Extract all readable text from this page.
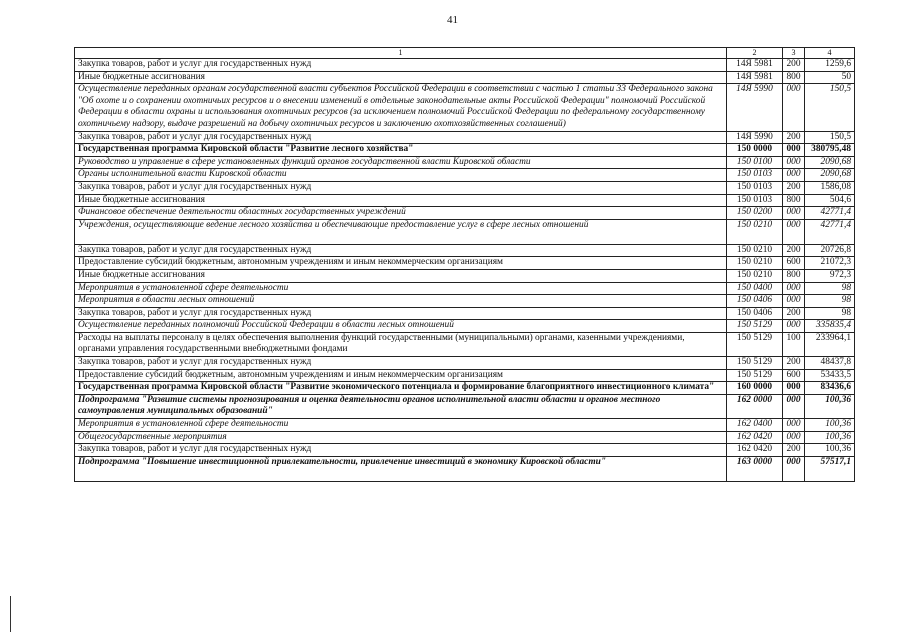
41
1	2	3	4
Закупка товаров, работ и услуг для государственных нужд	14Я 5981	200	1259,6
Иные бюджетные ассигнования	14Я 5981	800	50
Осуществление переданных органам государственной власти субъектов Российской Федерации в соответствии с частью 1 статьи 33 Федерального закона "Об охоте и о сохранении охотничьих ресурсов и о внесении изменений в отдельные законодательные акты Российской Федерации" полномочий Российской Федерации в области охраны и использования охотничьих ресурсов (за исключением полномочий Российской Федерации по федеральному государственному охотничьему надзору, выдаче разрешений на добычу охотничьих ресурсов и заключению охотхозяйственных соглашений)	14Я 5990	000	150,5
Закупка товаров, работ и услуг для государственных нужд	14Я 5990	200	150,5
Государственная программа Кировской области "Развитие лесного хозяйства"	150 0000	000	380795,48
Руководство и управление в сфере установленных функций органов государственной власти Кировской области	150 0100	000	2090,68
Органы исполнительной власти Кировской области	150 0103	000	2090,68
Закупка товаров, работ и услуг для государственных нужд	150 0103	200	1586,08
Иные бюджетные ассигнования	150 0103	800	504,6
Финансовое обеспечение деятельности областных государственных учреждений	150 0200	000	42771,4
Учреждения, осуществляющие ведение лесного хозяйства и обеспечивающие предоставление услуг в сфере лесных отношений	150 0210	000	42771,4
Закупка товаров, работ и услуг для государственных нужд	150 0210	200	20726,8
Предоставление субсидий бюджетным, автономным учреждениям и иным некоммерческим организациям	150 0210	600	21072,3
Иные бюджетные ассигнования	150 0210	800	972,3
Мероприятия в установленной сфере деятельности	150 0400	000	98
Мероприятия в области лесных отношений	150 0406	000	98
Закупка товаров, работ и услуг для государственных нужд	150 0406	200	98
Осуществление переданных полномочий Российской Федерации в области лесных отношений	150 5129	000	335835,4
Расходы на выплаты персоналу в целях обеспечения выполнения функций государственными (муниципальными) органами, казенными учреждениями, органами управления государственными внебюджетными фондами	150 5129	100	233964,1
Закупка товаров, работ и услуг для государственных нужд	150 5129	200	48437,8
Предоставление субсидий бюджетным, автономным учреждениям и иным некоммерческим организациям	150 5129	600	53433,5
Государственная программа Кировской области "Развитие экономического потенциала и формирование благоприятного инвестиционного климата"	160 0000	000	83436,6
Подпрограмма "Развитие системы прогнозирования и оценка деятельности органов исполнительной власти области и органов местного самоуправления муниципальных образований"	162 0000	000	100,36
Мероприятия в установленной сфере деятельности	162 0400	000	100,36
Общегосударственные мероприятия	162 0420	000	100,36
Закупка товаров, работ и услуг для государственных нужд	162 0420	200	100,36
Подпрограмма "Повышение инвестиционной привлекательности, привлечение инвестиций в экономику Кировской области"	163 0000	000	57517,1
